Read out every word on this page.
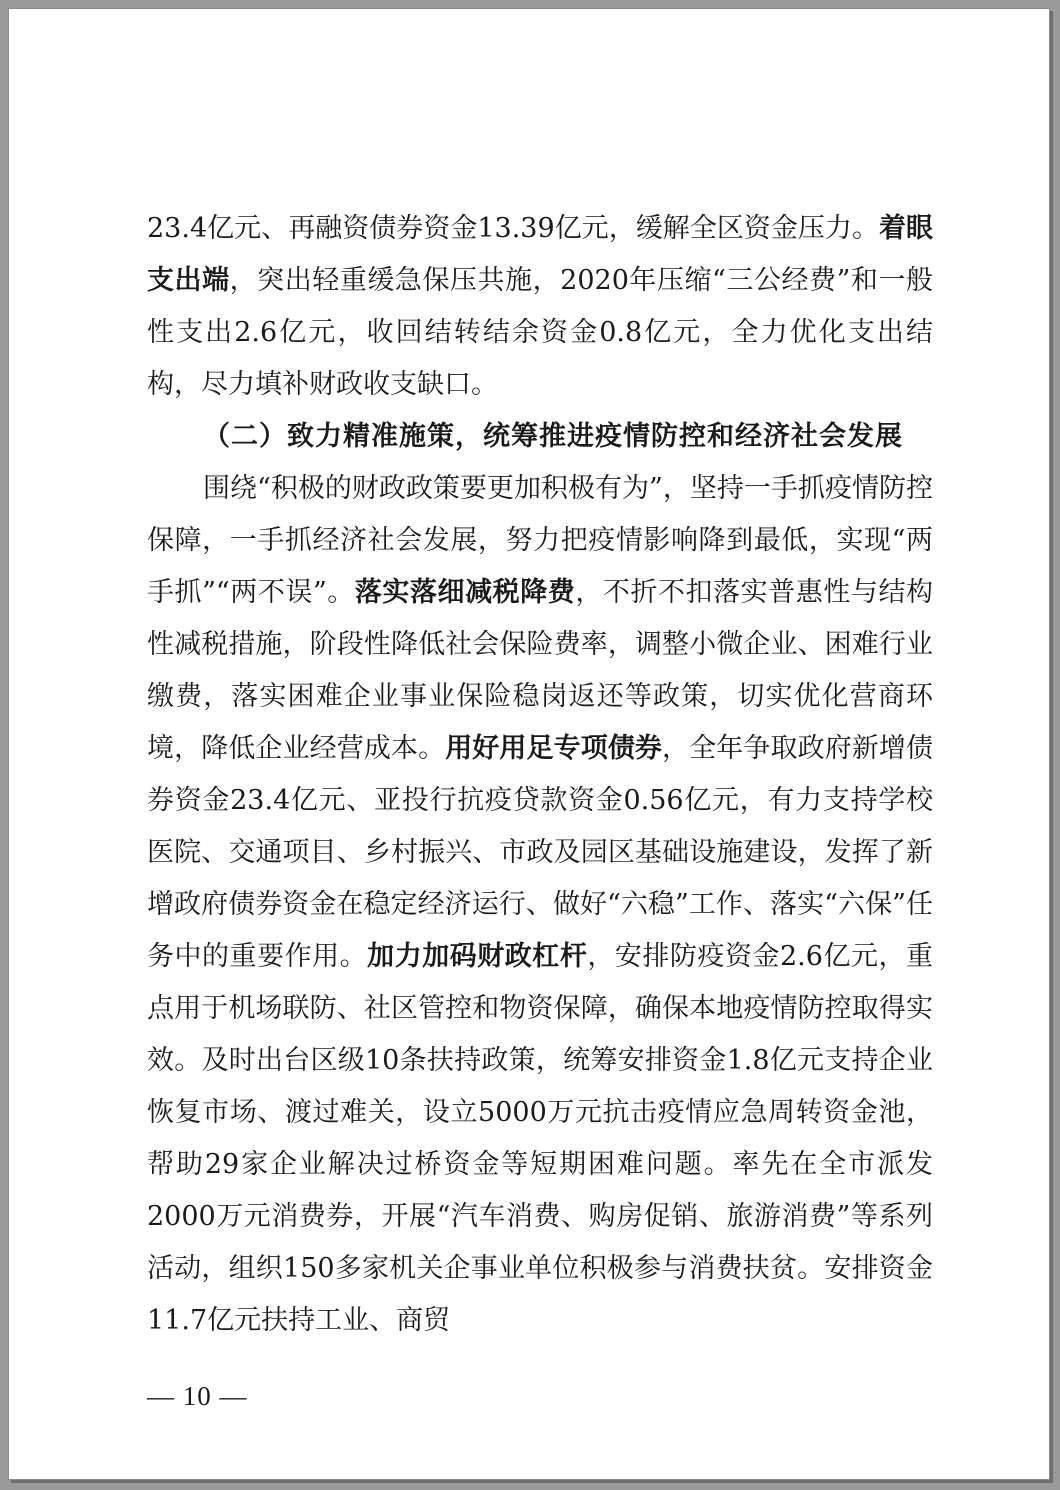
23.4亿元、再融资债券资金13.39亿元，缓解全区资金压力。着眼支出端，突出轻重缓急保压共施，2020年压缩“三公经费”和一般性支出2.6亿元，收回结转结余资金0.8亿元，全力优化支出结构，尽力填补财政收支缺口。

（二）致力精准施策，统筹推进疫情防控和经济社会发展

围绕“积极的财政政策要更加积极有为”，坚持一手抓疫情防控保障，一手抓经济社会发展，努力把疫情影响降到最低，实现“两手抓”“两不误”。落实落细减税降费，不折不扣落实普惠性与结构性减税措施，阶段性降低社会保险费率，调整小微企业、困难行业缴费，落实困难企业事业保险稳岗返还等政策，切实优化营商环境，降低企业经营成本。用好用足专项债券，全年争取政府新增债券资金23.4亿元、亚投行抗疫贷款资金0.56亿元，有力支持学校医院、交通项目、乡村振兴、市政及园区基础设施建设，发挥了新增政府债券资金在稳定经济运行、做好“六稳”工作、落实“六保”任务中的重要作用。加力加码财政杠杆，安排防疫资金2.6亿元，重点用于机场联防、社区管控和物资保障，确保本地疫情防控取得实效。及时出台区级10条扶持政策，统筹安排资金1.8亿元支持企业恢复市场、渡过难关，设立5000万元抗击疫情应急周转资金池，帮助29家企业解决过桥资金等短期困难问题。率先在全市派发2000万元消费券，开展“汽车消费、购房促销、旅游消费”等系列活动，组织150多家机关企事业单位积极参与消费扶贫。安排资金11.7亿元扶持工业、商贸

— 10 —
